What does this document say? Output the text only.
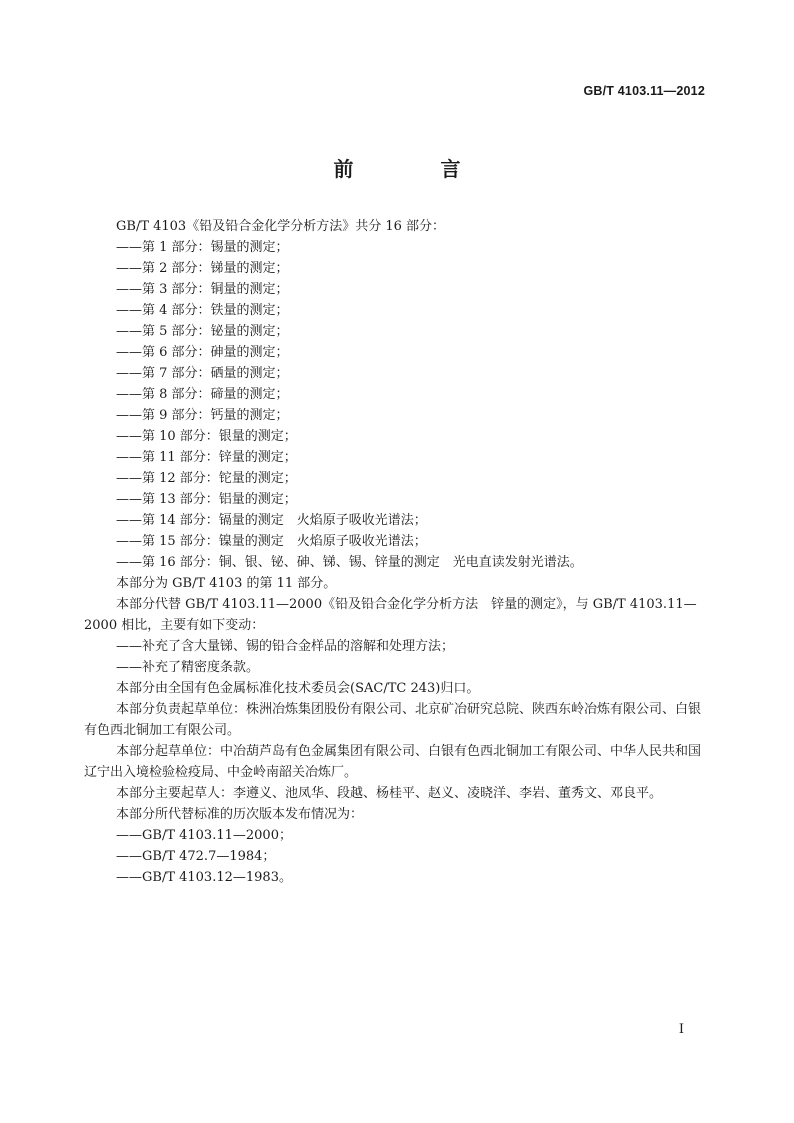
GB/T 4103.11—2012
前 言

GB/T 4103《铅及铅合金化学分析方法》共分 16 部分：

——第 1 部分：锡量的测定；

——第 2 部分：锑量的测定；

——第 3 部分：铜量的测定；

——第 4 部分：铁量的测定；

——第 5 部分：铋量的测定；

——第 6 部分：砷量的测定；

——第 7 部分：硒量的测定；

——第 8 部分：碲量的测定；

——第 9 部分：钙量的测定；

——第 10 部分：银量的测定；

——第 11 部分：锌量的测定；

——第 12 部分：铊量的测定；

——第 13 部分：铝量的测定；

——第 14 部分：镉量的测定　火焰原子吸收光谱法；

——第 15 部分：镍量的测定　火焰原子吸收光谱法；

——第 16 部分：铜、银、铋、砷、锑、锡、锌量的测定　光电直读发射光谱法。

本部分为 GB/T 4103 的第 11 部分。

本部分代替 GB/T 4103.11—2000《铅及铅合金化学分析方法　锌量的测定》，与 GB/T 4103.11—2000 相比，主要有如下变动：

——补充了含大量锑、锡的铅合金样品的溶解和处理方法；

——补充了精密度条款。

本部分由全国有色金属标准化技术委员会(SAC/TC 243)归口。

本部分负责起草单位：株洲冶炼集团股份有限公司、北京矿冶研究总院、陕西东岭冶炼有限公司、白银有色西北铜加工有限公司。

本部分起草单位：中冶葫芦岛有色金属集团有限公司、白银有色西北铜加工有限公司、中华人民共和国辽宁出入境检验检疫局、中金岭南韶关冶炼厂。

本部分主要起草人：李遵义、池凤华、段越、杨桂平、赵义、凌晓洋、李岩、董秀文、邓良平。

本部分所代替标准的历次版本发布情况为：

——GB/T 4103.11—2000；

——GB/T 472.7—1984；

——GB/T 4103.12—1983。

I
